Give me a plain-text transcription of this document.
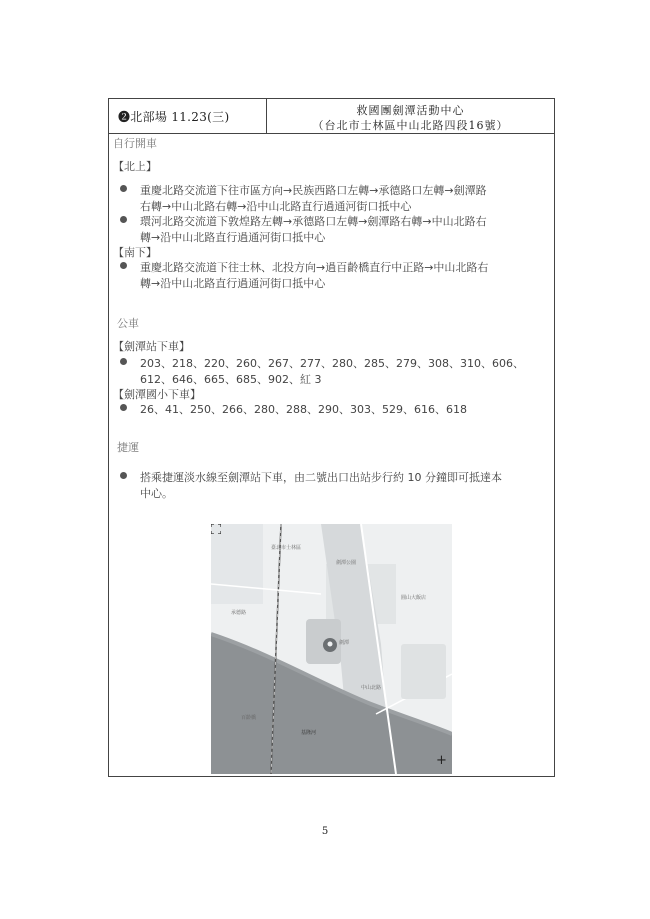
❷北部場 11.23(三)	救國團劍潭活動中心
（台北市士林區中山北路四段16號）
自行開車
【北上】
重慶北路交流道下往市區方向→民族西路口左轉→承德路口左轉→劍潭路
右轉→中山北路右轉→沿中山北路直行過通河街口抵中心
環河北路交流道下敦煌路左轉→承德路口左轉→劍潭路右轉→中山北路右
轉→沿中山北路直行過通河街口抵中心
【南下】
重慶北路交流道下往士林、北投方向→過百齡橋直行中正路→中山北路右
轉→沿中山北路直行過通河街口抵中心
公車
【劍潭站下車】
203、218、220、260、267、277、280、285、279、308、310、606、
612、646、665、685、902、紅 3
【劍潭國小下車】
26、41、250、266、280、288、290、303、529、616、618
捷運
搭乘捷運淡水線至劍潭站下車，由二號出口出站步行約 10 分鐘即可抵達本
中心。
臺北市士林區
劍潭公園
圓山大飯店
劍潭
百齡橋
承德路
中山北路
基隆河
+
5
